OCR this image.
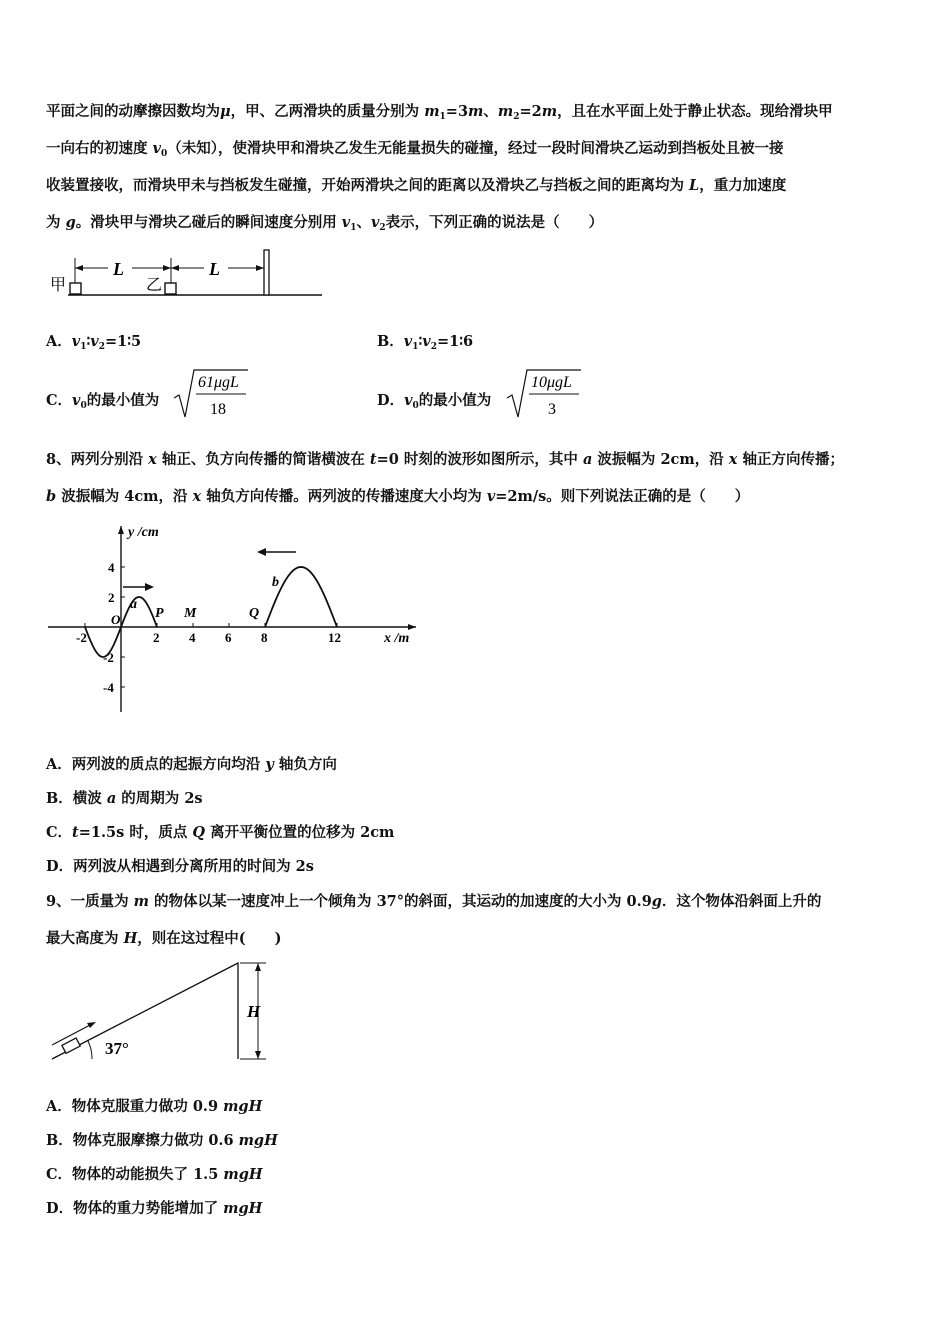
平面之间的动摩擦因数均为μ，甲、乙两滑块的质量分别为 $m_1=3m$、$m_2=2m$，且在水平面上处于静止状态。现给滑块甲
一向右的初速度 $v_0$（未知），使滑块甲和滑块乙发生无能量损失的碰撞，经过一段时间滑块乙运动到挡板处且被一接
收装置接收，而滑块甲未与挡板发生碰撞，开始两滑块之间的距离以及滑块乙与挡板之间的距离均为 L，重力加速度
为 g。滑块甲与滑块乙碰后的瞬间速度分别用 $v_1$、$v_2$表示，下列正确的说法是（　　）
甲
L
乙
L
A．$v_1∶v_2=1∶5$	B．$v_1∶v_2=1∶6$
C．$v_0$的最小值为
61μgL
18
D．$v_0$的最小值为
10μgL
3
8、两列分别沿 x 轴正、负方向传播的简谐横波在 t=0 时刻的波形如图所示，其中 a 波振幅为 2cm，沿 x 轴正方向传播；
b 波振幅为 4cm，沿 x 轴负方向传播。两列波的传播速度大小均为 v=2m/s。则下列说法正确的是（　　）
y /cm
x /m
4
2
-2
-4
-2
O
2 4 6 8	12
a
b
P M	Q
A．两列波的质点的起振方向均沿 y 轴负方向
B．横波 a 的周期为 2s
C．t=1.5s 时，质点 Q 离开平衡位置的位移为 2cm
D．两列波从相遇到分离所用的时间为 2s
9、一质量为 m 的物体以某一速度冲上一个倾角为 37°的斜面，其运动的加速度的大小为 0.9g．这个物体沿斜面上升的
最大高度为 H，则在这过程中(　　)
H
37°
A．物体克服重力做功 0.9 mgH
B．物体克服摩擦力做功 0.6 mgH
C．物体的动能损失了 1.5 mgH
D．物体的重力势能增加了 mgH
